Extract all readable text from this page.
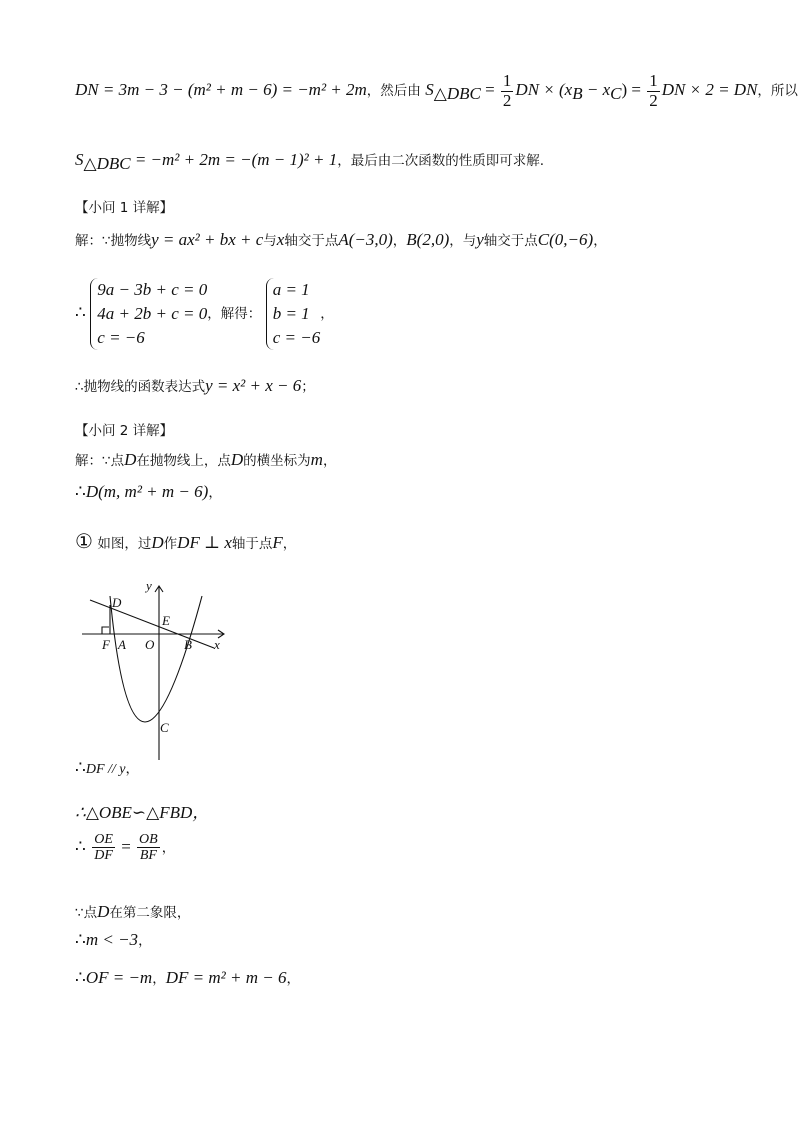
DN = 3m − 3 − (m² + m − 6) = −m² + 2m，然后由 $S_{\triangle DBC} = \frac{1}{2}$ DN × $(x_B - x_C) = \frac{1}{2}$ DN × 2 = DN，所以
$S_{\triangle DBC} = -m^2 + 2m = -(m - 1)^2 + 1$，最后由二次函数的性质即可求解.
【小问 1 详解】
解：∵抛物线y = ax² + bx + c与x轴交于点A(−3,0)，B(2,0)，与y轴交于点C(0,−6)，
∴
9a − 3b + c = 0
4a + 2b + c = 0
c = −6
，解得：
a = 1
b = 1
c = −6
，
∴抛物线的函数表达式y = x² + x − 6；
【小问 2 详解】
解：∵点D在抛物线上，点D的横坐标为m，
∴D(m, m² + m − 6)，
① 如图，过D作DF ⊥ x轴于点F，
y
x
D
E
F A O B
C
∴DF // y，
∴△OBE∽△FBD，
∴ $\frac{OE}{DF} = \frac{OB}{BF}$ ，
∵点D在第二象限，
∴m < −3，
∴OF = −m，DF = m² + m − 6，
